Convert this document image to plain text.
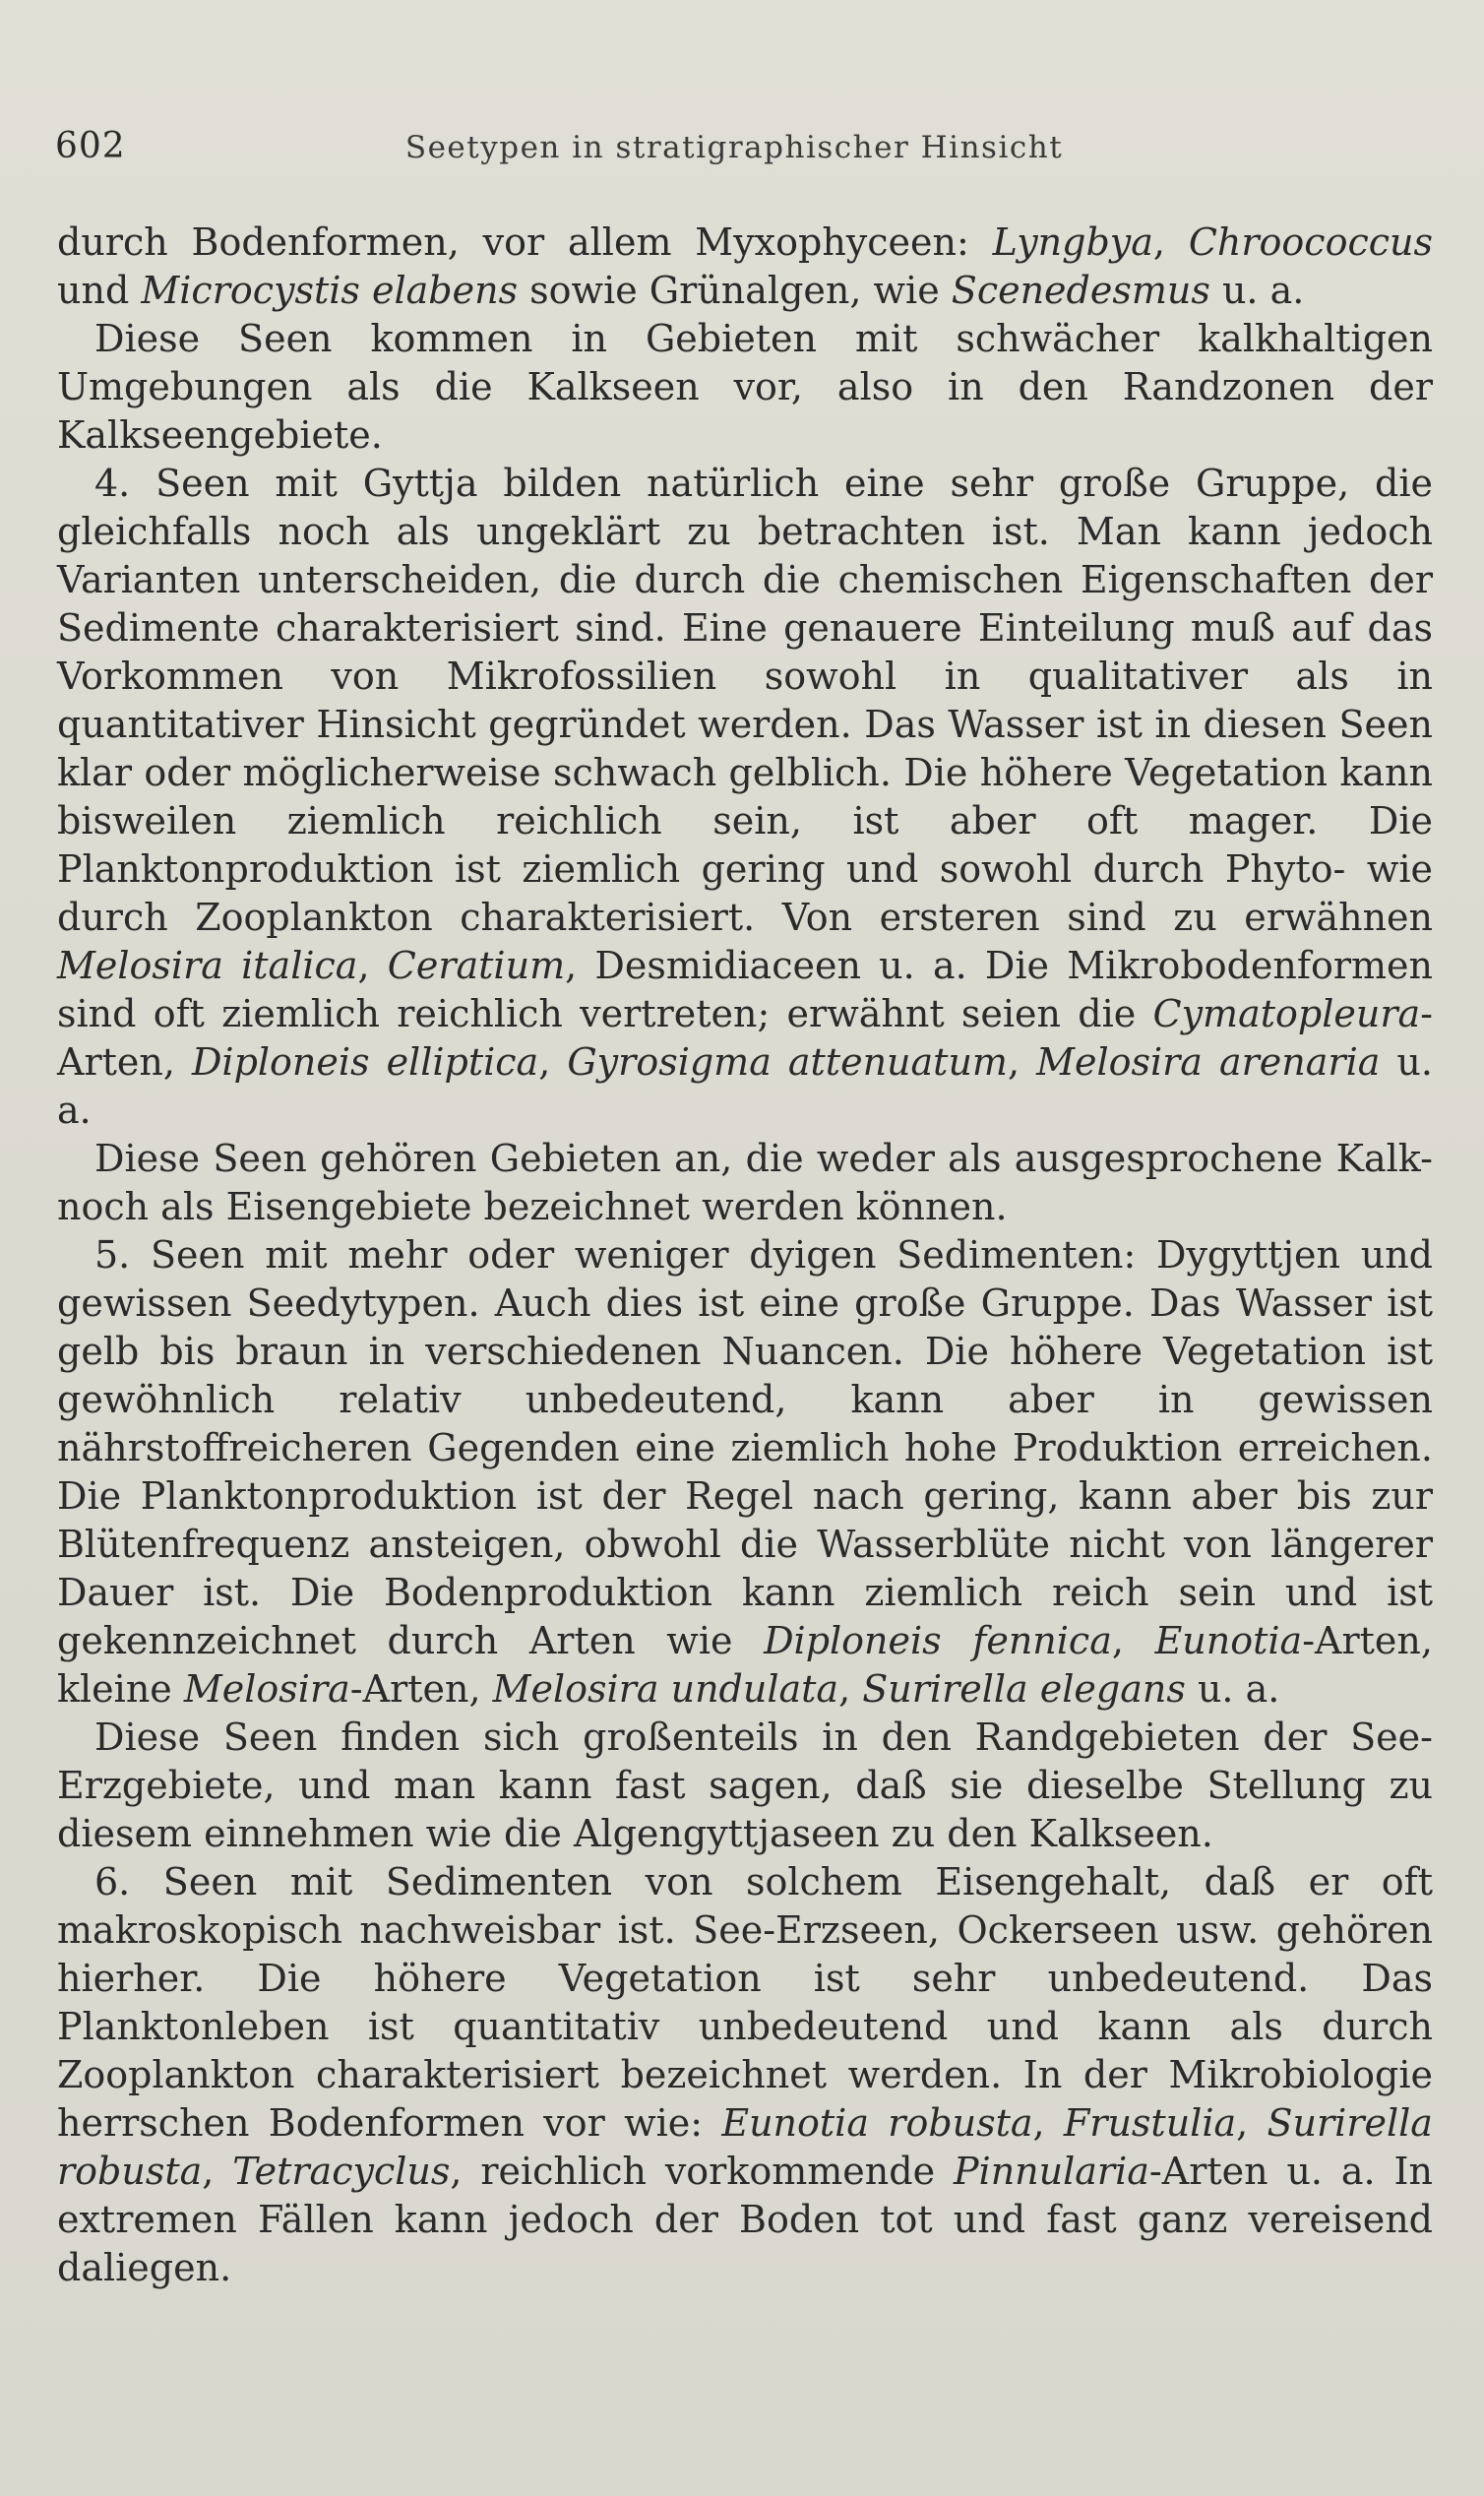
602	Seetypen in stratigraphischer Hinsicht

durch Bodenformen, vor allem Myxophyceen: Lyngbya, Chroococcus und Microcystis elabens sowie Grünalgen, wie Scenedesmus u. a.

Diese Seen kommen in Gebieten mit schwächer kalkhaltigen Umgebungen als die Kalkseen vor, also in den Randzonen der Kalkseengebiete.

4. Seen mit Gyttja bilden natürlich eine sehr große Gruppe, die gleichfalls noch als ungeklärt zu betrachten ist. Man kann jedoch Varianten unterscheiden, die durch die chemischen Eigenschaften der Sedimente charakterisiert sind. Eine genauere Einteilung muß auf das Vorkommen von Mikrofossilien sowohl in qualitativer als in quantitativer Hinsicht gegründet werden. Das Wasser ist in diesen Seen klar oder möglicherweise schwach gelblich. Die höhere Vegetation kann bisweilen ziemlich reichlich sein, ist aber oft mager. Die Planktonproduktion ist ziemlich gering und sowohl durch Phyto- wie durch Zooplankton charakterisiert. Von ersteren sind zu erwähnen Melosira italica, Ceratium, Desmidiaceen u. a. Die Mikrobodenformen sind oft ziemlich reichlich vertreten; erwähnt seien die Cymatopleura-Arten, Diploneis elliptica, Gyrosigma attenuatum, Melosira arenaria u. a.

Diese Seen gehören Gebieten an, die weder als ausgesprochene Kalk- noch als Eisengebiete bezeichnet werden können.

5. Seen mit mehr oder weniger dyigen Sedimenten: Dygyttjen und gewissen Seedytypen. Auch dies ist eine große Gruppe. Das Wasser ist gelb bis braun in verschiedenen Nuancen. Die höhere Vegetation ist gewöhnlich relativ unbedeutend, kann aber in gewissen nährstoffreicheren Gegenden eine ziemlich hohe Produktion erreichen. Die Planktonproduktion ist der Regel nach gering, kann aber bis zur Blütenfrequenz ansteigen, obwohl die Wasserblüte nicht von längerer Dauer ist. Die Bodenproduktion kann ziemlich reich sein und ist gekennzeichnet durch Arten wie Diploneis fennica, Eunotia-Arten, kleine Melosira-Arten, Melosira undulata, Surirella elegans u. a.

Diese Seen finden sich großenteils in den Randgebieten der See-Erzgebiete, und man kann fast sagen, daß sie dieselbe Stellung zu diesem einnehmen wie die Algengyttjaseen zu den Kalkseen.

6. Seen mit Sedimenten von solchem Eisengehalt, daß er oft makroskopisch nachweisbar ist. See-Erzseen, Ockerseen usw. gehören hierher. Die höhere Vegetation ist sehr unbedeutend. Das Planktonleben ist quantitativ unbedeutend und kann als durch Zooplankton charakterisiert bezeichnet werden. In der Mikrobiologie herrschen Bodenformen vor wie: Eunotia robusta, Frustulia, Surirella robusta, Tetracyclus, reichlich vorkommende Pinnularia-Arten u. a. In extremen Fällen kann jedoch der Boden tot und fast ganz vereisend daliegen.
